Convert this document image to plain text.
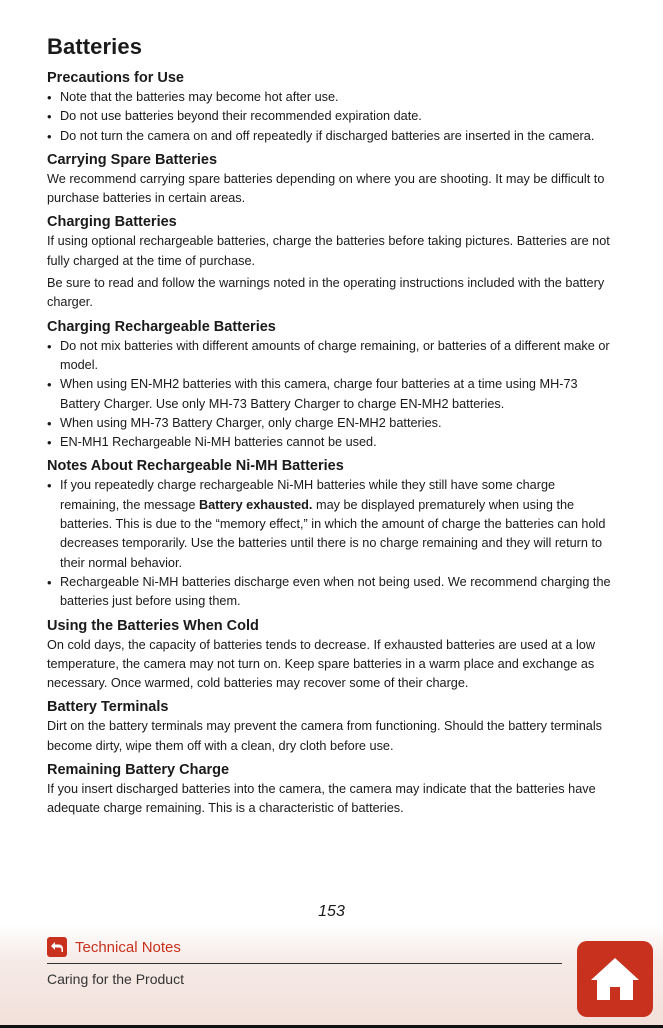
Batteries
Precautions for Use
• Note that the batteries may become hot after use.
• Do not use batteries beyond their recommended expiration date.
• Do not turn the camera on and off repeatedly if discharged batteries are inserted in the camera.
Carrying Spare Batteries

We recommend carrying spare batteries depending on where you are shooting. It may be difficult to purchase batteries in certain areas.

Charging Batteries

If using optional rechargeable batteries, charge the batteries before taking pictures. Batteries are not fully charged at the time of purchase.

Be sure to read and follow the warnings noted in the operating instructions included with the battery charger.

Charging Rechargeable Batteries
• Do not mix batteries with different amounts of charge remaining, or batteries of a different make or model.
• When using EN-MH2 batteries with this camera, charge four batteries at a time using MH-73 Battery Charger. Use only MH-73 Battery Charger to charge EN-MH2 batteries.
• When using MH-73 Battery Charger, only charge EN-MH2 batteries.
• EN-MH1 Rechargeable Ni-MH batteries cannot be used.
Notes About Rechargeable Ni-MH Batteries
• If you repeatedly charge rechargeable Ni-MH batteries while they still have some charge remaining, the message Battery exhausted. may be displayed prematurely when using the batteries. This is due to the “memory effect,” in which the amount of charge the batteries can hold decreases temporarily. Use the batteries until there is no charge remaining and they will return to their normal behavior.
• Rechargeable Ni-MH batteries discharge even when not being used. We recommend charging the batteries just before using them.
Using the Batteries When Cold

On cold days, the capacity of batteries tends to decrease. If exhausted batteries are used at a low temperature, the camera may not turn on. Keep spare batteries in a warm place and exchange as necessary. Once warmed, cold batteries may recover some of their charge.

Battery Terminals

Dirt on the battery terminals may prevent the camera from functioning. Should the battery terminals become dirty, wipe them off with a clean, dry cloth before use.

Remaining Battery Charge

If you insert discharged batteries into the camera, the camera may indicate that the batteries have adequate charge remaining. This is a characteristic of batteries.

153
Technical Notes
Caring for the Product
